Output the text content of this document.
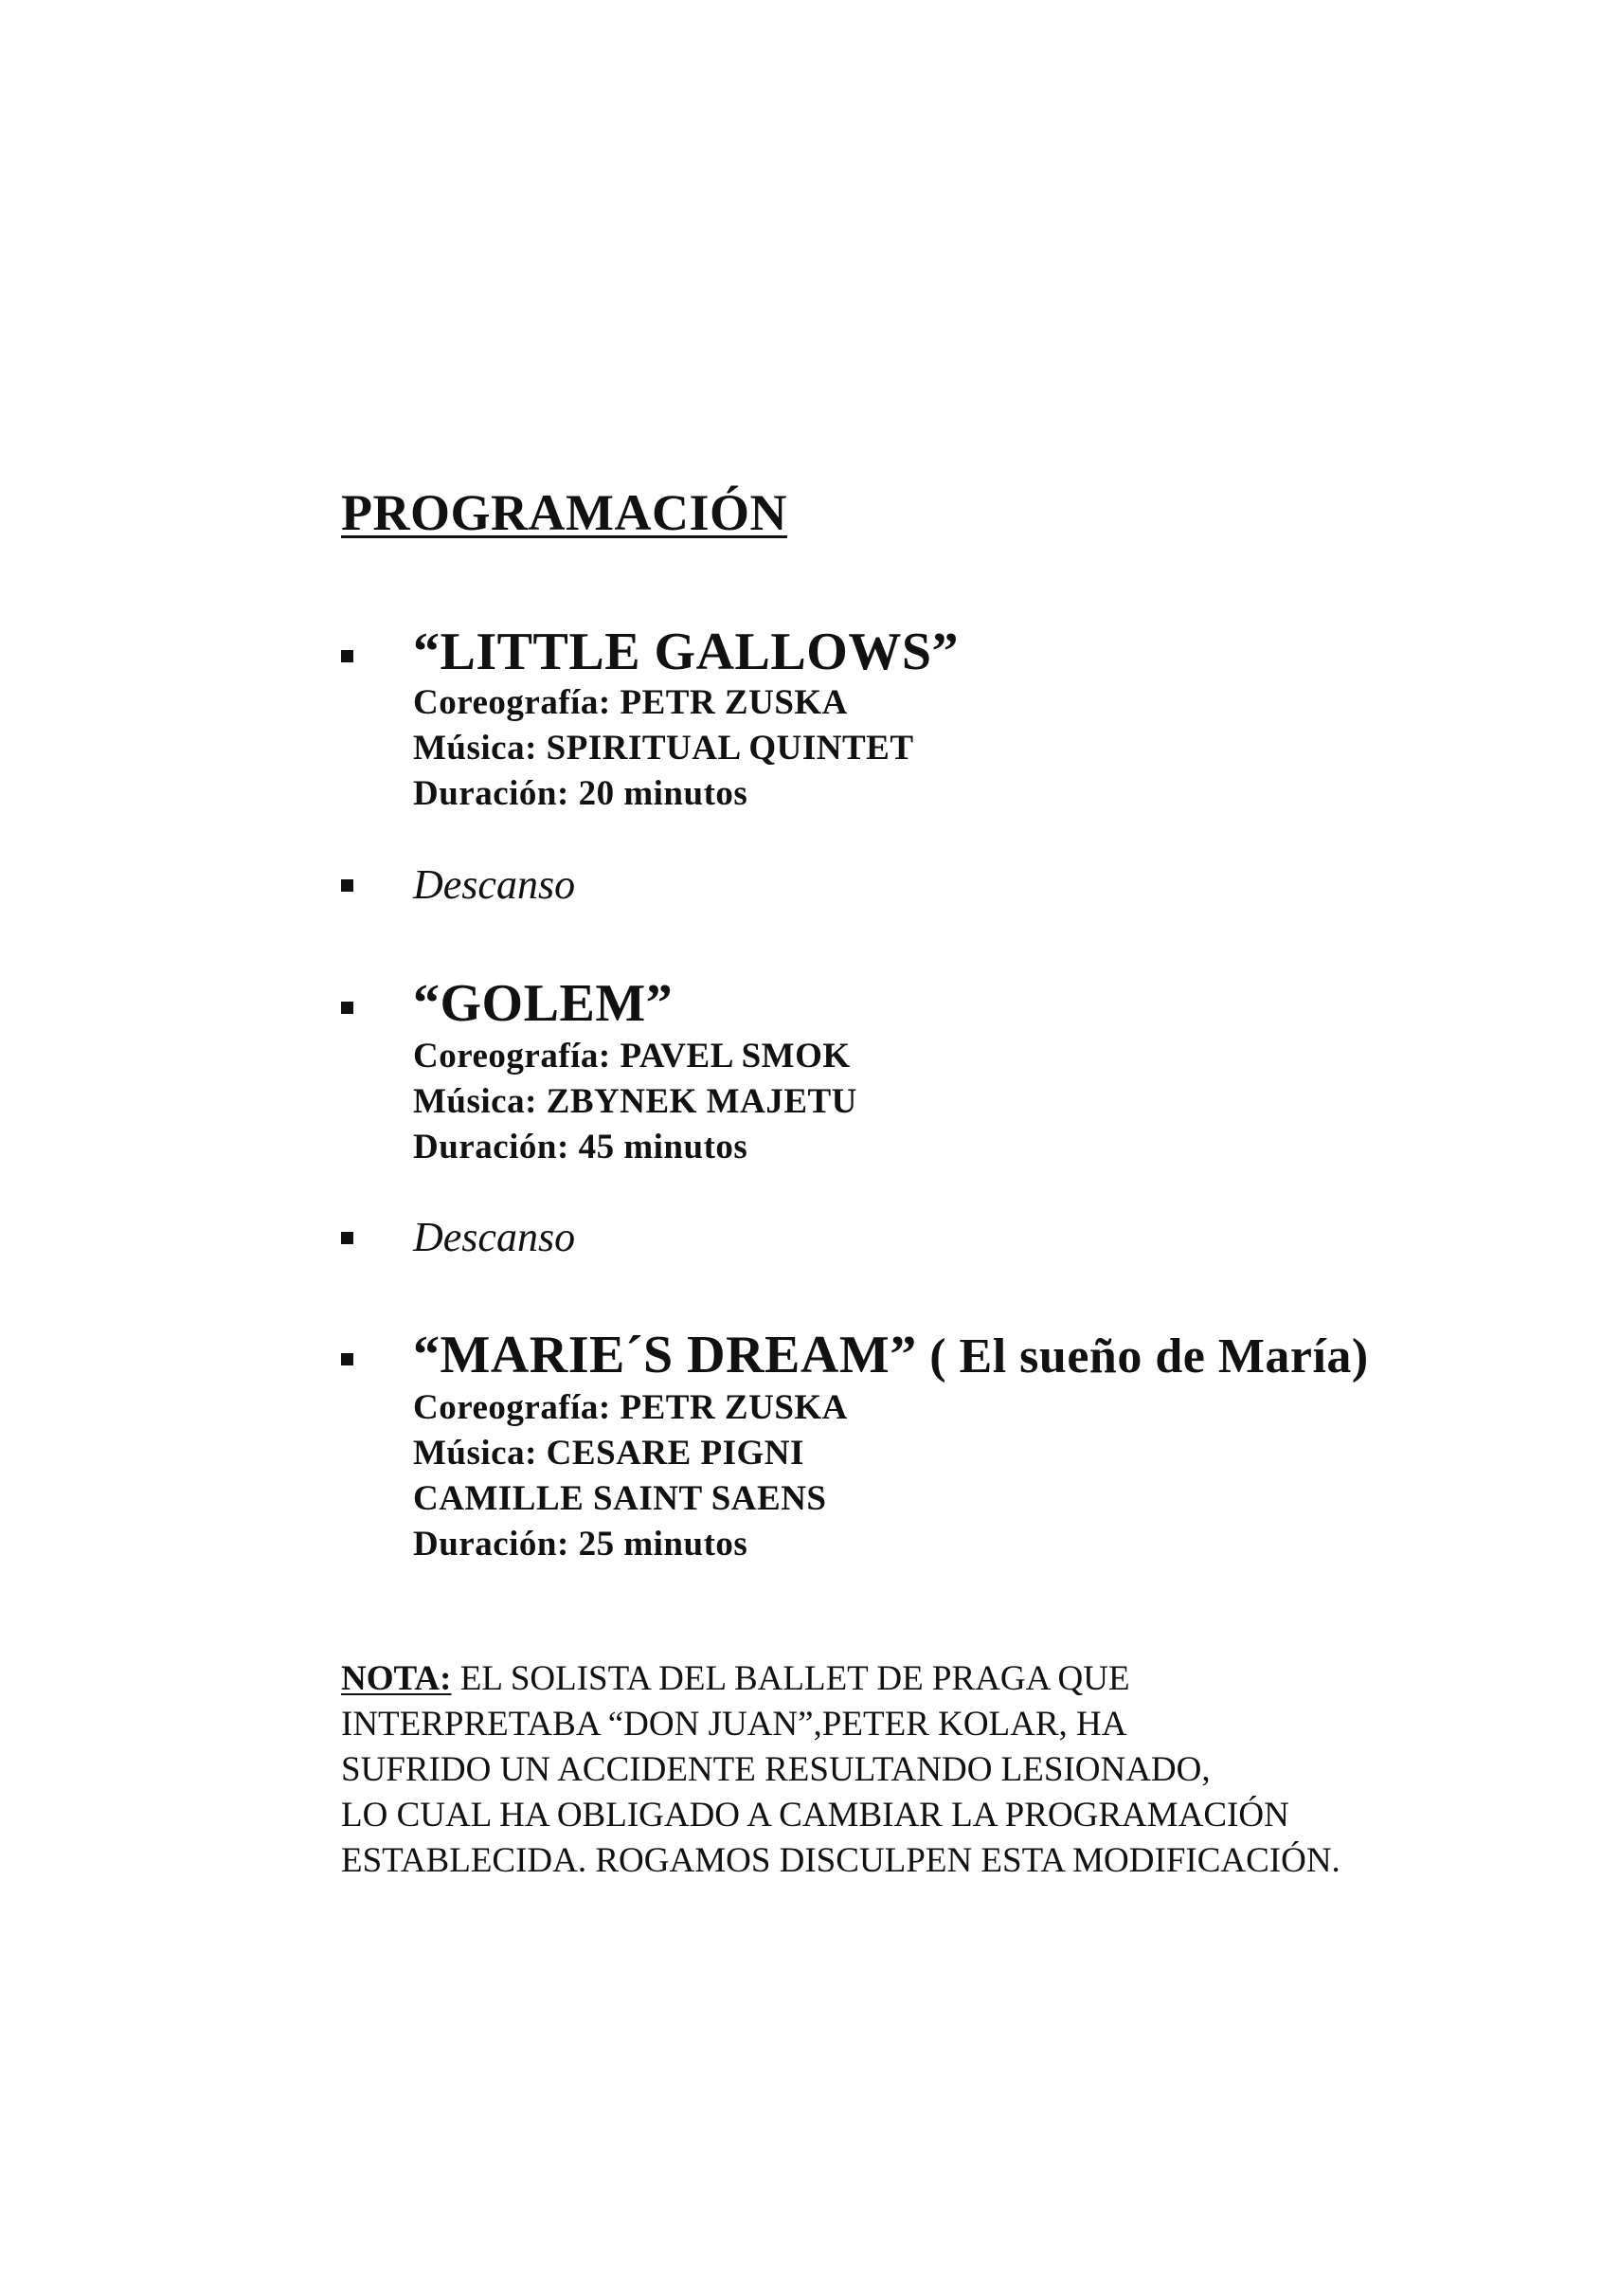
PROGRAMACIÓN
“LITTLE GALLOWS”
Coreografía: PETR ZUSKA
Música: SPIRITUAL QUINTET
Duración: 20 minutos
Descanso
“GOLEM”
Coreografía: PAVEL SMOK
Música: ZBYNEK MAJETU
Duración: 45 minutos
Descanso
“MARIE´S DREAM” ( El sueño de María)
Coreografía: PETR ZUSKA
Música: CESARE PIGNI
CAMILLE SAINT SAENS
Duración: 25 minutos
NOTA: EL SOLISTA DEL BALLET DE PRAGA QUE
INTERPRETABA “DON JUAN”,PETER KOLAR, HA
SUFRIDO UN ACCIDENTE RESULTANDO LESIONADO,
LO CUAL HA OBLIGADO A CAMBIAR LA PROGRAMACIÓN
ESTABLECIDA. ROGAMOS DISCULPEN ESTA MODIFICACIÓN.
